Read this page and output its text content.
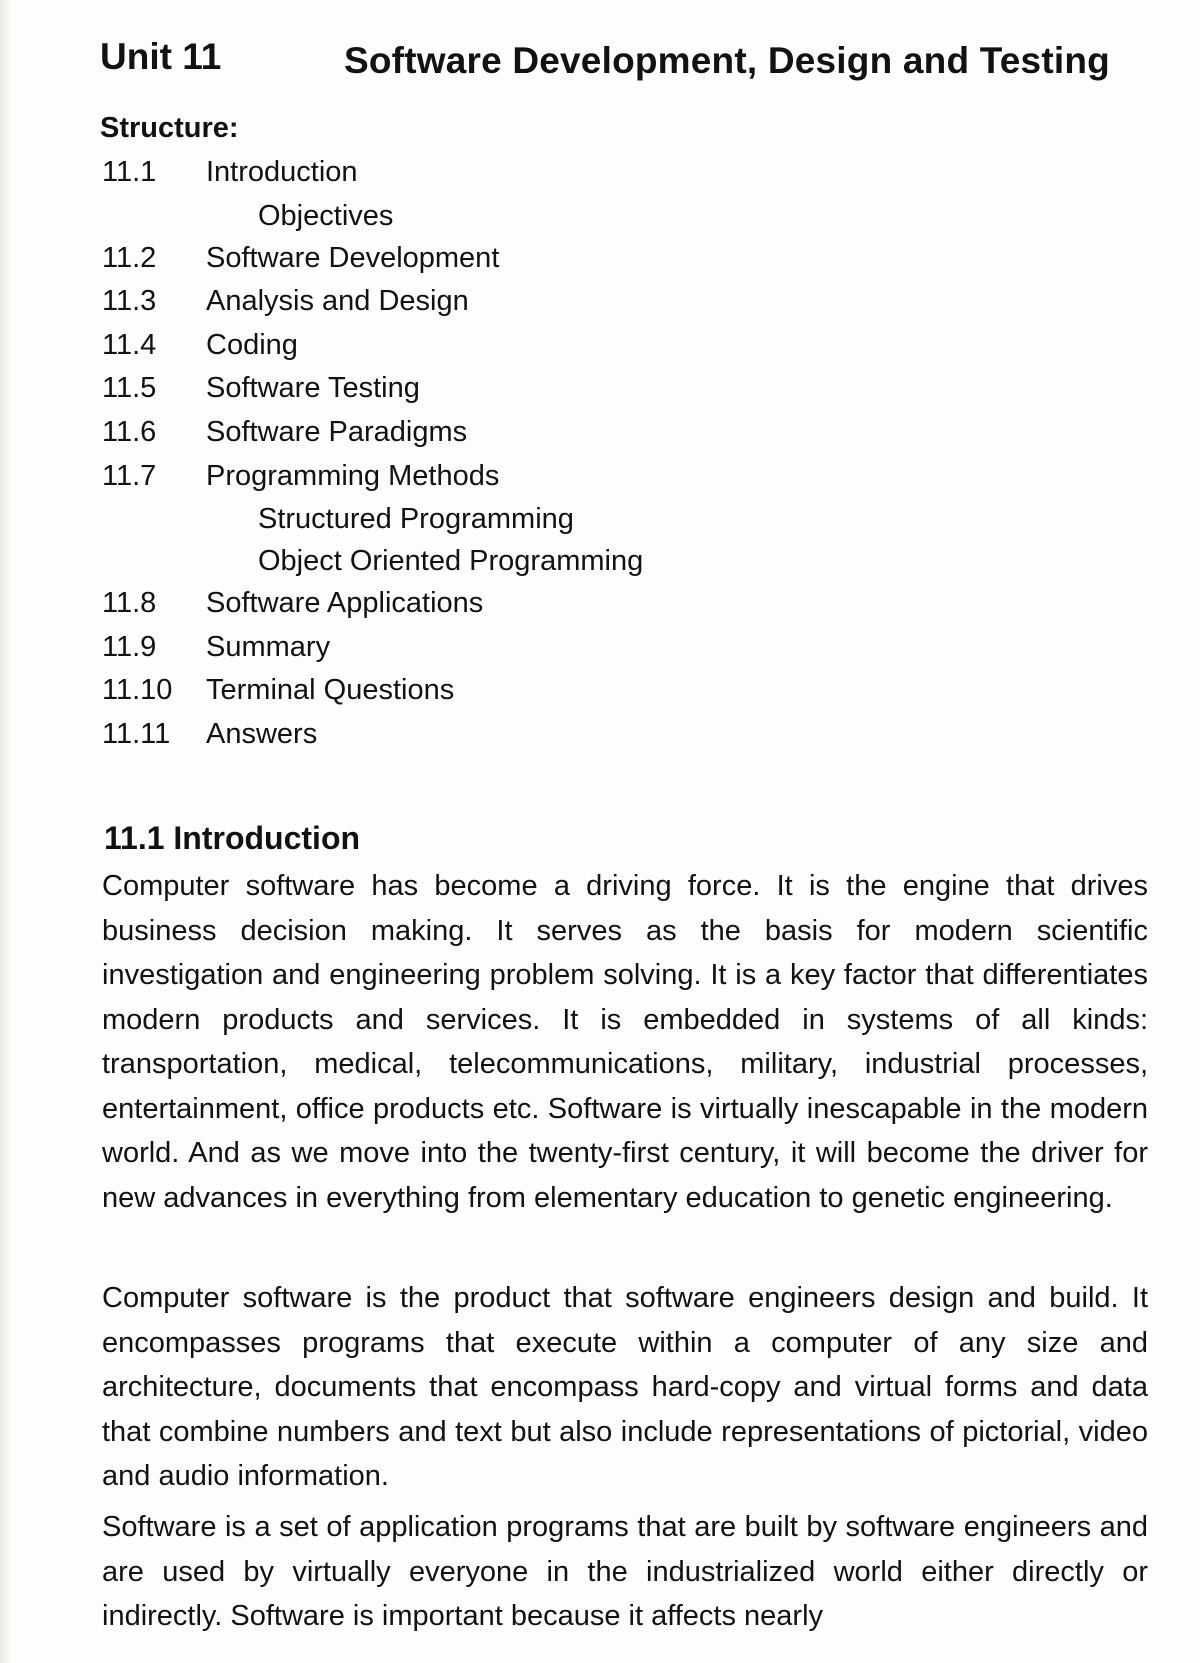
Unit 11	Software Development, Design and Testing
Structure:
11.1 Introduction
Objectives
11.2 Software Development
11.3 Analysis and Design
11.4 Coding
11.5 Software Testing
11.6 Software Paradigms
11.7 Programming Methods
Structured Programming
Object Oriented Programming
11.8 Software Applications
11.9 Summary
11.10 Terminal Questions
11.11 Answers
11.1 Introduction

Computer software has become a driving force. It is the engine that drives business decision making. It serves as the basis for modern scientific investigation and engineering problem solving. It is a key factor that differentiates modern products and services. It is embedded in systems of all kinds: transportation, medical, telecommunications, military, industrial processes, entertainment, office products etc. Software is virtually inescapable in the modern world. And as we move into the twenty-first century, it will become the driver for new advances in everything from elementary education to genetic engineering.

Computer software is the product that software engineers design and build. It encompasses programs that execute within a computer of any size and architecture, documents that encompass hard-copy and virtual forms and data that combine numbers and text but also include representations of pictorial, video and audio information.

Software is a set of application programs that are built by software engineers and are used by virtually everyone in the industrialized world either directly or indirectly. Software is important because it affects nearly
